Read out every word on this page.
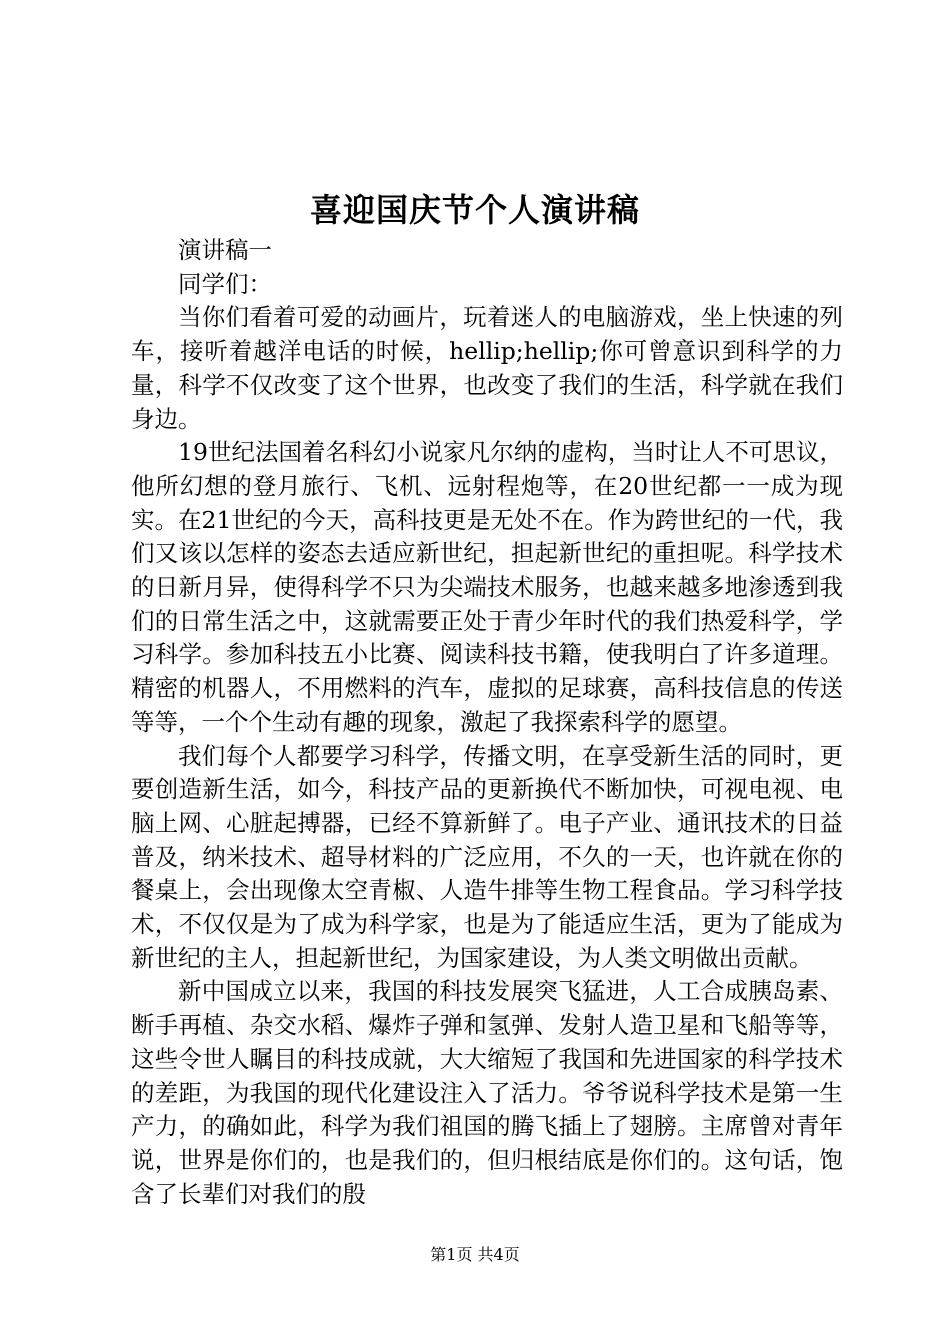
喜迎国庆节个人演讲稿

演讲稿一

同学们：

当你们看着可爱的动画片，玩着迷人的电脑游戏，坐上快速的列车，接听着越洋电话的时候，hellip;hellip;你可曾意识到科学的力量，科学不仅改变了这个世界，也改变了我们的生活，科学就在我们身边。

19世纪法国着名科幻小说家凡尔纳的虚构，当时让人不可思议，他所幻想的登月旅行、飞机、远射程炮等，在20世纪都一一成为现实。在21世纪的今天，高科技更是无处不在。作为跨世纪的一代，我们又该以怎样的姿态去适应新世纪，担起新世纪的重担呢。科学技术的日新月异，使得科学不只为尖端技术服务，也越来越多地渗透到我们的日常生活之中，这就需要正处于青少年时代的我们热爱科学，学习科学。参加科技五小比赛、阅读科技书籍，使我明白了许多道理。精密的机器人，不用燃料的汽车，虚拟的足球赛，高科技信息的传送等等，一个个生动有趣的现象，激起了我探索科学的愿望。

我们每个人都要学习科学，传播文明，在享受新生活的同时，更要创造新生活，如今，科技产品的更新换代不断加快，可视电视、电脑上网、心脏起搏器，已经不算新鲜了。电子产业、通讯技术的日益普及，纳米技术、超导材料的广泛应用，不久的一天，也许就在你的餐桌上，会出现像太空青椒、人造牛排等生物工程食品。学习科学技术，不仅仅是为了成为科学家，也是为了能适应生活，更为了能成为新世纪的主人，担起新世纪，为国家建设，为人类文明做出贡献。

新中国成立以来，我国的科技发展突飞猛进，人工合成胰岛素、断手再植、杂交水稻、爆炸子弹和氢弹、发射人造卫星和飞船等等，这些令世人瞩目的科技成就，大大缩短了我国和先进国家的科学技术的差距，为我国的现代化建设注入了活力。爷爷说科学技术是第一生产力，的确如此，科学为我们祖国的腾飞插上了翅膀。主席曾对青年说，世界是你们的，也是我们的，但归根结底是你们的。这句话，饱含了长辈们对我们的殷

第1页 共4页
